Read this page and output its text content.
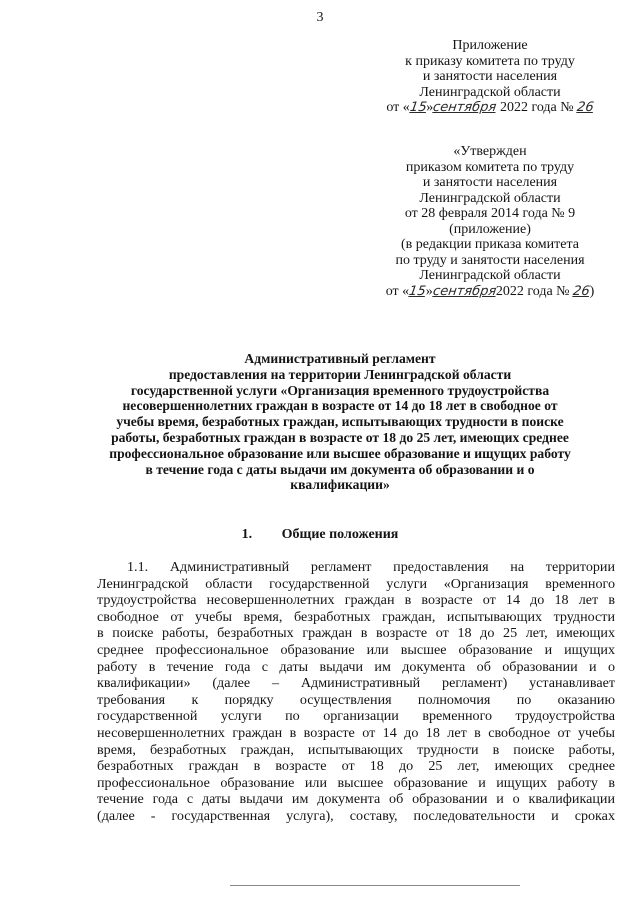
3
Приложение
к приказу комитета по труду
и занятости населения
Ленинградской области
от «15»сентября 2022 года № 26
«Утвержден
приказом комитета по труду
и занятости населения
Ленинградской области
от 28 февраля 2014 года № 9
(приложение)
(в редакции приказа комитета
по труду и занятости населения
Ленинградской области
от «15»сентября2022 года № 26)
Административный регламент
предоставления на территории Ленинградской области
государственной услуги «Организация временного трудоустройства
несовершеннолетних граждан в возрасте от 14 до 18 лет в свободное от
учебы время, безработных граждан, испытывающих трудности в поиске
работы, безработных граждан в возрасте от 18 до 25 лет, имеющих среднее
профессиональное образование или высшее образование и ищущих работу
в течение года с даты выдачи им документа об образовании и о
квалификации»
1. Общие положения
1.1. Административный регламент предоставления на территории
Ленинградской области государственной услуги «Организация временного
трудоустройства несовершеннолетних граждан в возрасте от 14 до 18 лет в
свободное от учебы время, безработных граждан, испытывающих трудности
в поиске работы, безработных граждан в возрасте от 18 до 25 лет, имеющих
среднее профессиональное образование или высшее образование и ищущих
работу в течение года с даты выдачи им документа об образовании и о
квалификации» (далее – Административный регламент) устанавливает
требования к порядку осуществления полномочия по оказанию
государственной услуги по организации временного трудоустройства
несовершеннолетних граждан в возрасте от 14 до 18 лет в свободное от учебы
время, безработных граждан, испытывающих трудности в поиске работы,
безработных граждан в возрасте от 18 до 25 лет, имеющих среднее
профессиональное образование или высшее образование и ищущих работу в
течение года с даты выдачи им документа об образовании и о квалификации
(далее - государственная услуга), составу, последовательности и сроках
